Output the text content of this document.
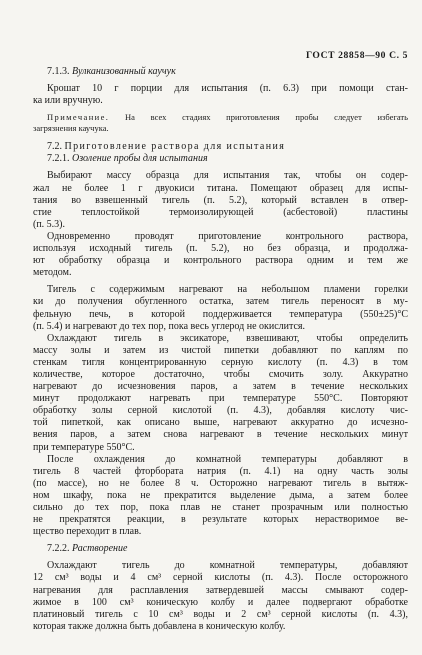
ГОСТ 28858—90 С. 5
7.1.3. Вулканизованный каучук
Крошат 10 г порции для испытания (п. 6.3) при помощи стан-
ка или вручную.
Примечание. На всех стадиях приготовления пробы следует избегать
загрязнения каучука.
7.2. Приготовление раствора для испытания
7.2.1. Озоление пробы для испытания
Выбирают массу образца для испытания так, чтобы он содер-
жал не более 1 г двуокиси титана. Помещают образец для испы-
тания во взвешенный тигель (п. 5.2), который вставлен в отвер-
стие теплостойкой термоизолирующей (асбестовой) пластины
(п. 5.3).
Одновременно проводят приготовление контрольного раствора,
используя исходный тигель (п. 5.2), но без образца, и продолжа-
ют обработку образца и контрольного раствора одним и тем же
методом.
Тигель с содержимым нагревают на небольшом пламени горелки
ки до получения обугленного остатка, затем тигель переносят в му-
фельную печь, в которой поддерживается температура (550±25)°С
(п. 5.4) и нагревают до тех пор, пока весь углерод не окислится.
Охлаждают тигель в эксикаторе, взвешивают, чтобы определить
массу золы и затем из чистой пипетки добавляют по каплям по
стенкам тигля концентрированную серную кислоту (п. 4.3) в том
количестве, которое достаточно, чтобы смочить золу. Аккуратно
нагревают до исчезновения паров, а затем в течение нескольких
минут продолжают нагревать при температуре 550°С. Повторяют
обработку золы серной кислотой (п. 4.3), добавляя кислоту чис-
той пипеткой, как описано выше, нагревают аккуратно до исчезно-
вения паров, а затем снова нагревают в течение нескольких минут
при температуре 550°С.
После охлаждения до комнатной температуры добавляют в
тигель 8 частей фторбората натрия (п. 4.1) на одну часть золы
(по массе), но не более 8 ч. Осторожно нагревают тигель в вытяж-
ном шкафу, пока не прекратится выделение дыма, а затем более
сильно до тех пор, пока плав не станет прозрачным или полностью
не прекратятся реакции, в результате которых нерастворимое ве-
щество переходит в плав.
7.2.2. Растворение
Охлаждают тигель до комнатной температуры, добавляют
12 см³ воды и 4 см³ серной кислоты (п. 4.3). После осторожного
нагревания для расплавления затвердевшей массы смывают содер-
жимое в 100 см³ коническую колбу и далее подвергают обработке
платиновый тигель с 10 см³ воды и 2 см³ серной кислоты (п. 4.3),
которая также должна быть добавлена в коническую колбу.
